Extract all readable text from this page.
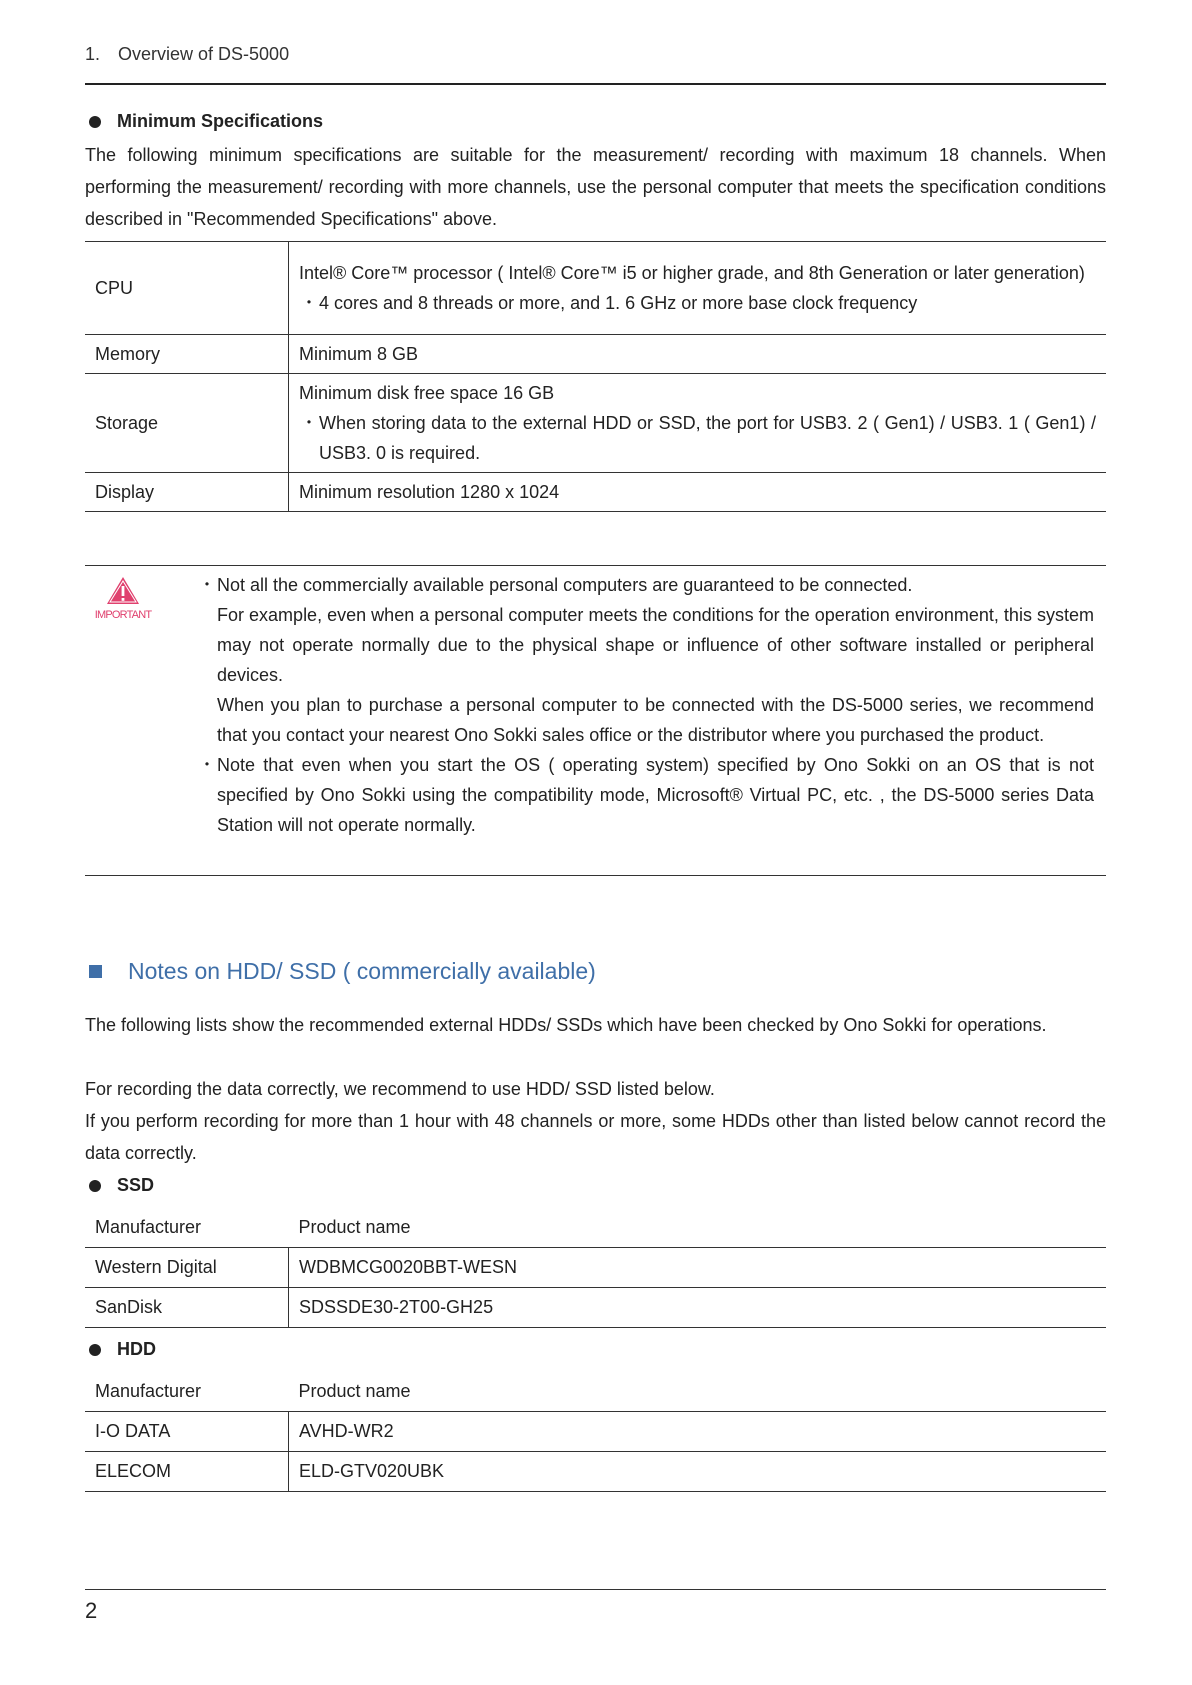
1.　Overview of DS-5000
Minimum Specifications
The following minimum specifications are suitable for the measurement/ recording with maximum 18 channels. When performing the measurement/ recording with more channels, use the personal computer that meets the specification conditions described in "Recommended Specifications" above.
CPU	Intel® Core™ processor ( Intel® Core™ i5 or higher grade, and 8th Generation or later generation)
・ 4 cores and 8 threads or more, and 1. 6 GHz or more base clock frequency

Memory	Minimum 8 GB

Storage	Minimum disk free space 16 GB
・ When storing data to the external HDD or SSD, the port for USB3. 2 ( Gen1) / USB3. 1 ( Gen1) / USB3. 0 is required.

Display	Minimum resolution 1280 x 1024
IMPORTANT
・ Not all the commercially available personal computers are guaranteed to be connected.

For example, even when a personal computer meets the conditions for the operation environment, this system may not operate normally due to the physical shape or influence of other software installed or peripheral devices.

When you plan to purchase a personal computer to be connected with the DS-5000 series, we recommend that you contact your nearest Ono Sokki sales office or the distributor where you purchased the product.

・ Note that even when you start the OS ( operating system) specified by Ono Sokki on an OS that is not specified by Ono Sokki using the compatibility mode, Microsoft® Virtual PC, etc. , the DS-5000 series Data Station will not operate normally.

Notes on HDD/ SSD ( commercially available)
The following lists show the recommended external HDDs/ SSDs which have been checked by Ono Sokki for operations.
For recording the data correctly, we recommend to use HDD/ SSD listed below.
If you perform recording for more than 1 hour with 48 channels or more, some HDDs other than listed below cannot record the data correctly.
SSD
Manufacturer	Product name
Western Digital	WDBMCG0020BBT-WESN
SanDisk	SDSSDE30-2T00-GH25
HDD
Manufacturer	Product name
I-O DATA	AVHD-WR2
ELECOM	ELD-GTV020UBK
2
